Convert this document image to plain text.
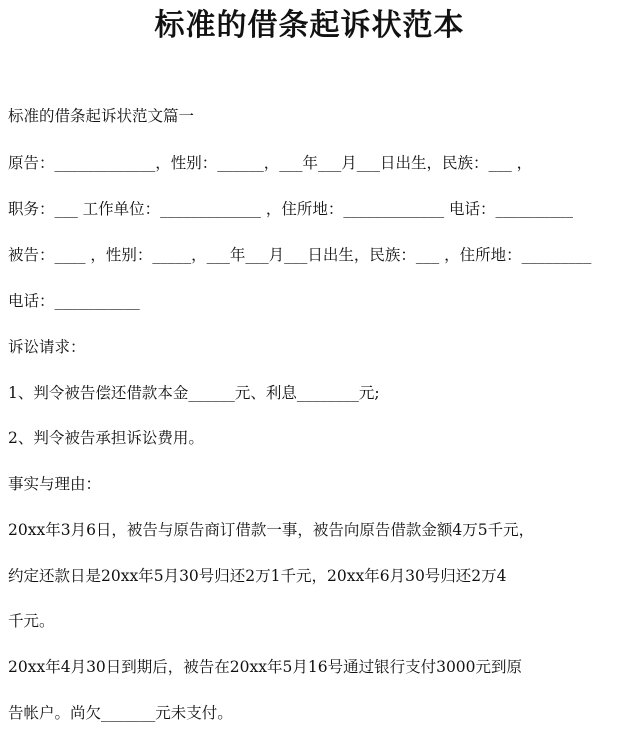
标准的借条起诉状范本
标准的借条起诉状范文篇一
原告：_____________，性别：______，___年___月___日出生，民族：___ ，
职务：___ 工作单位：_____________ ，住所地：_____________ 电话：__________
被告：____ ，性别：_____，___年___月___日出生，民族：___ ，住所地：_________
电话：___________
诉讼请求：
1、判令被告偿还借款本金______元、利息________元;
2、判令被告承担诉讼费用。
事实与理由：
20xx年3月6日，被告与原告商订借款一事，被告向原告借款金额4万5千元，
约定还款日是20xx年5月30号归还2万1千元，20xx年6月30号归还2万4
千元。
20xx年4月30日到期后，被告在20xx年5月16号通过银行支付3000元到原
告帐户。尚欠_______元未支付。
